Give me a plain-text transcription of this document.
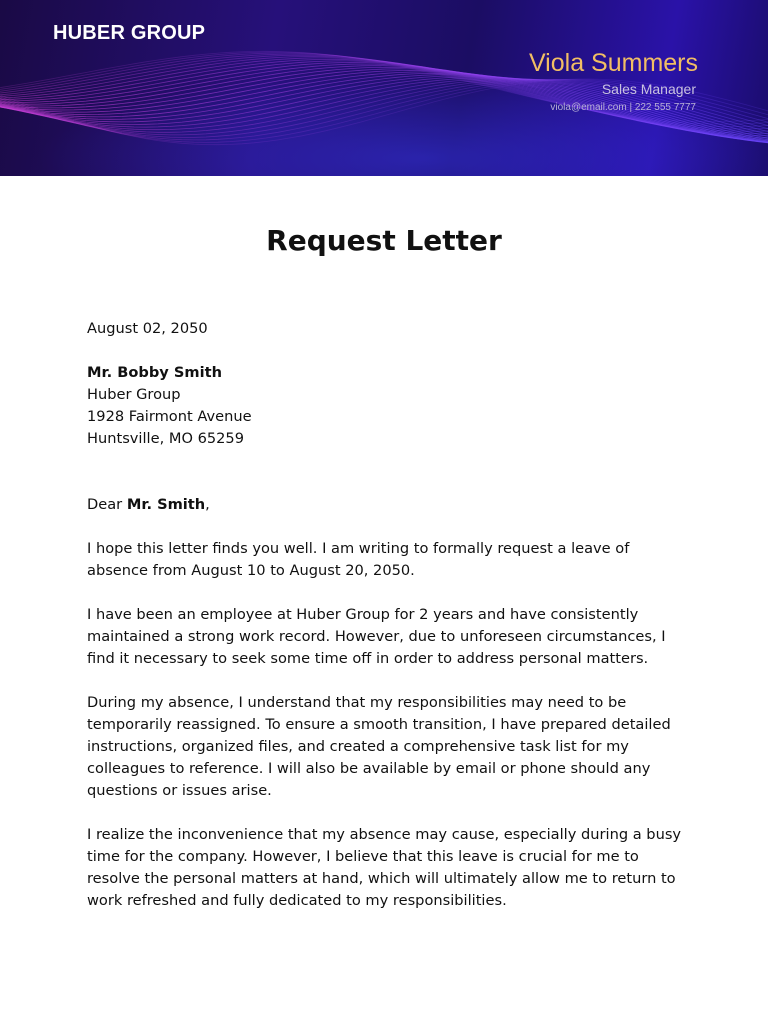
HUBER GROUP
Viola Summers
Sales Manager
viola@email.com | 222 555 7777
Request Letter
August 02, 2050
Mr. Bobby Smith
Huber Group
1928 Fairmont Avenue
Huntsville, MO 65259
Dear Mr. Smith,

I hope this letter finds you well. I am writing to formally request a leave of absence from August 10 to August 20, 2050.

I have been an employee at Huber Group for 2 years and have consistently maintained a strong work record. However, due to unforeseen circumstances, I find it necessary to seek some time off in order to address personal matters.

During my absence, I understand that my responsibilities may need to be temporarily reassigned. To ensure a smooth transition, I have prepared detailed instructions, organized files, and created a comprehensive task list for my colleagues to reference. I will also be available by email or phone should any questions or issues arise.

I realize the inconvenience that my absence may cause, especially during a busy time for the company. However, I believe that this leave is crucial for me to resolve the personal matters at hand, which will ultimately allow me to return to work refreshed and fully dedicated to my responsibilities.
